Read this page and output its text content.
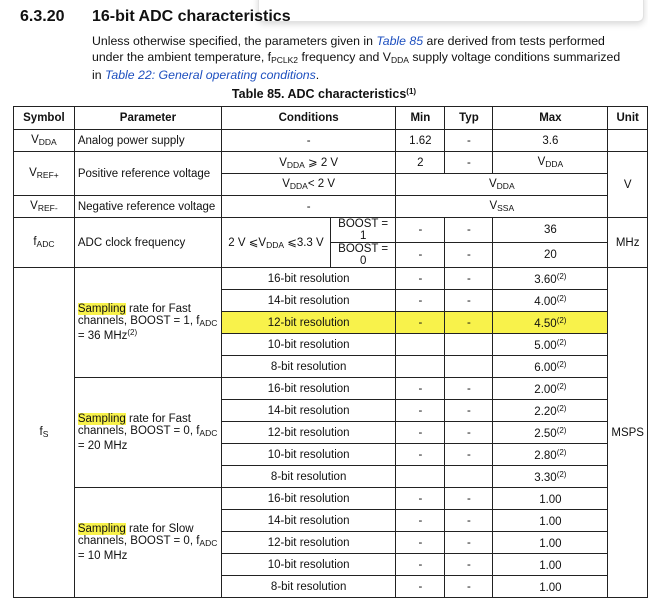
6.3.20 16-bit ADC characteristics
Unless otherwise specified, the parameters given in Table 85 are derived from tests performed under the ambient temperature, $f_{PCLK2}$ frequency and $V_{DDA}$ supply voltage conditions summarized in Table 22: General operating conditions.
Table 85. ADC characteristics$^{(1)}$
Symbol	Parameter	Conditions		Min	Typ	Max	Unit
$V_{DDA}$	Analog power supply	-		1.62	-	3.6	
$V_{REF+}$	Positive reference voltage	$V_{DDA}$ ⩾ 2 V		2	-	$V_{DDA}$	V
		$V_{DDA}< 2$ V		$V_{DDA}$
$V_{REF-}$	Negative reference voltage	-		$V_{SSA}$
$f_{ADC}$	ADC clock frequency	2 V $⩽V_{DDA}$ ⩽3.3 V	BOOST = 1	-	-	36	MHz
			BOOST = 0	-	-	20	
$f_S$	Sampling rate for Fast channels, BOOST = 1, $f_{ADC} = 36$ MHz$^{(2)}$	16-bit resolution		-	-	3.60$^{(2)}$	MSPS
		14-bit resolution		-	-	4.00$^{(2)}$
		12-bit resolution		-	-	4.50$^{(2)}$
		10-bit resolution				5.00$^{(2)}$
		8-bit resolution				6.00$^{(2)}$
	Sampling rate for Fast channels, BOOST = 0, $f_{ADC} = 20$ MHz	16-bit resolution		-	-	2.00$^{(2)}$
		14-bit resolution		-	-	2.20$^{(2)}$
		12-bit resolution		-	-	2.50$^{(2)}$
		10-bit resolution		-	-	2.80$^{(2)}$
		8-bit resolution				3.30$^{(2)}$
	Sampling rate for Slow channels, BOOST = 0, $f_{ADC} = 10$ MHz	16-bit resolution		-	-	1.00	
		14-bit resolution		-	-	1.00	
		12-bit resolution		-	-	1.00	
		10-bit resolution		-	-	1.00	
		8-bit resolution		-	-	1.00	
